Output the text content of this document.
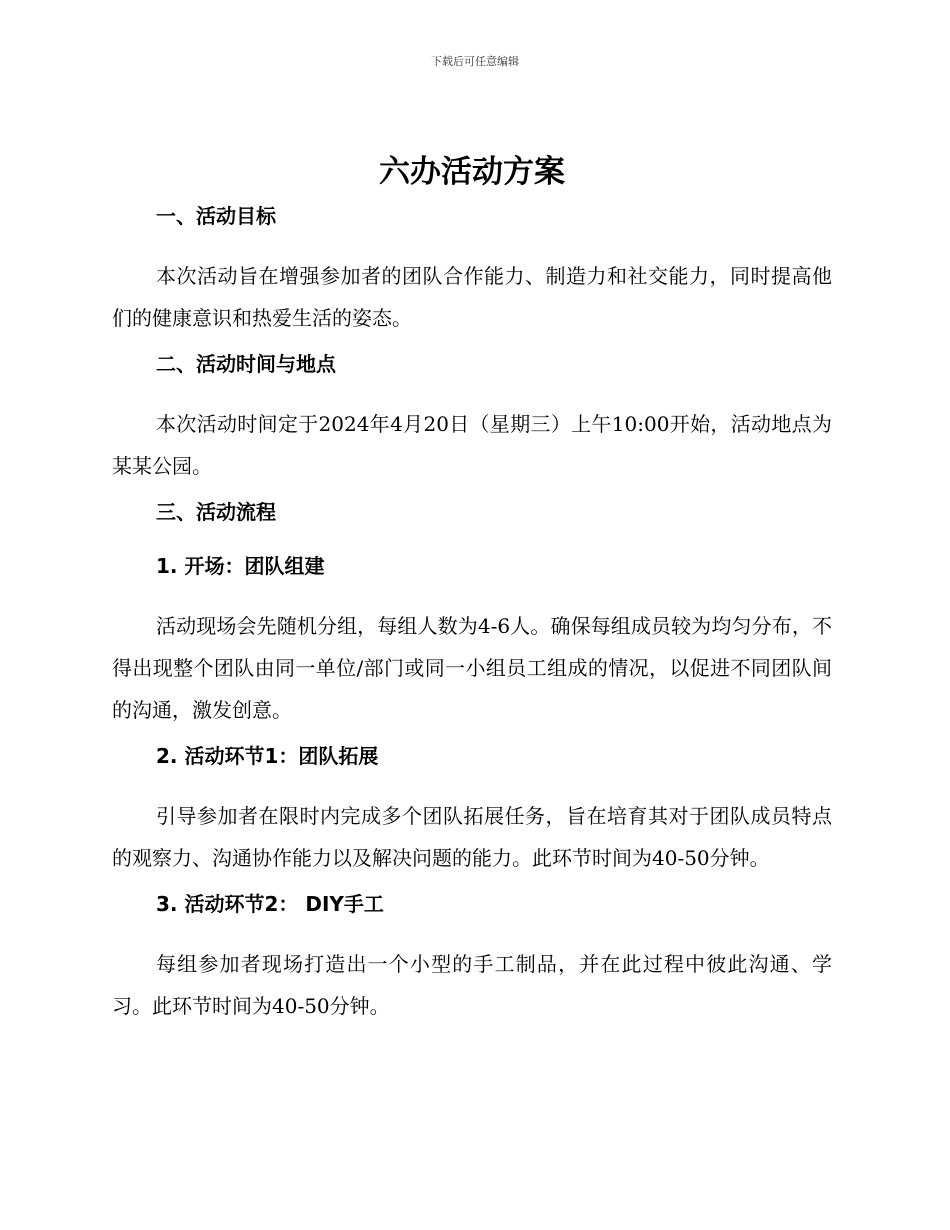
下载后可任意编辑
六办活动方案
一、活动目标

本次活动旨在增强参加者的团队合作能力、制造力和社交能力，同时提高他们的健康意识和热爱生活的姿态。

二、活动时间与地点

本次活动时间定于2024年4月20日（星期三）上午10:00开始，活动地点为某某公园。

三、活动流程
1. 开场：团队组建

活动现场会先随机分组，每组人数为4-6人。确保每组成员较为均匀分布，不得出现整个团队由同一单位/部门或同一小组员工组成的情况，以促进不同团队间的沟通，激发创意。

2. 活动环节1：团队拓展

引导参加者在限时内完成多个团队拓展任务，旨在培育其对于团队成员特点的观察力、沟通协作能力以及解决问题的能力。此环节时间为40-50分钟。

3. 活动环节2： DIY手工

每组参加者现场打造出一个小型的手工制品，并在此过程中彼此沟通、学习。此环节时间为40-50分钟。
